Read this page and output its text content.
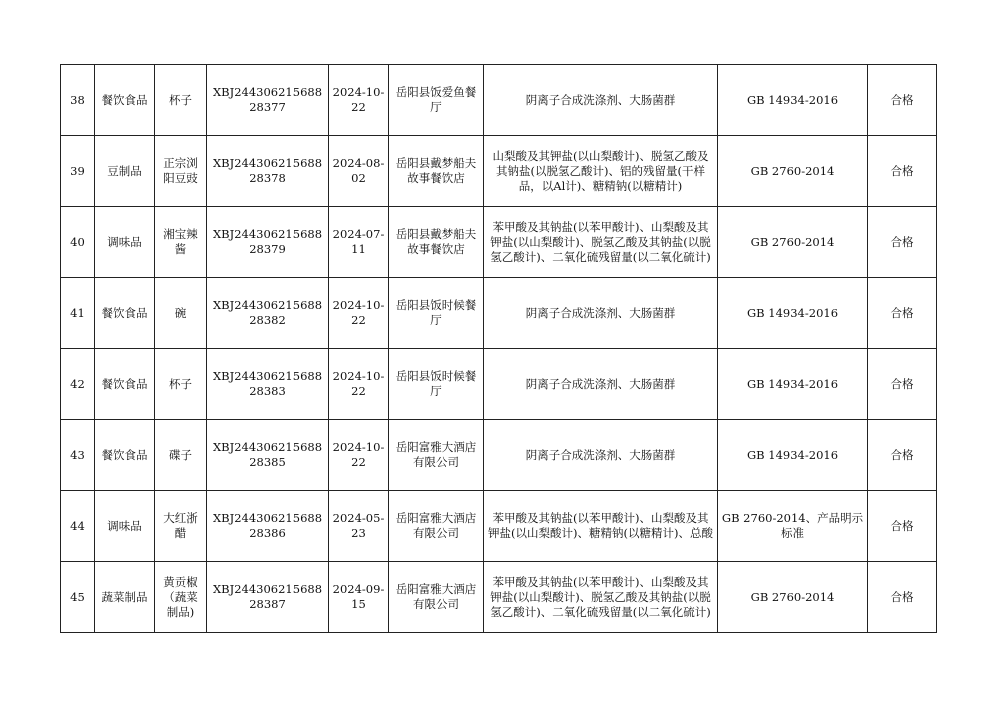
38	餐饮食品	杯子	XBJ24430621568828377	2024-10-22	岳阳县饭爱鱼餐厅	阴离子合成洗涤剂、大肠菌群	GB 14934-2016	合格
39	豆制品	正宗浏阳豆豉	XBJ24430621568828378	2024-08-02	岳阳县戴梦船夫故事餐饮店	山梨酸及其钾盐(以山梨酸计)、脱氢乙酸及其钠盐(以脱氢乙酸计)、铝的残留量(干样品，以Al计)、糖精钠(以糖精计)	GB 2760-2014	合格
40	调味品	湘宝辣酱	XBJ24430621568828379	2024-07-11	岳阳县戴梦船夫故事餐饮店	苯甲酸及其钠盐(以苯甲酸计)、山梨酸及其钾盐(以山梨酸计)、脱氢乙酸及其钠盐(以脱氢乙酸计)、二氧化硫残留量(以二氧化硫计)	GB 2760-2014	合格
41	餐饮食品	碗	XBJ24430621568828382	2024-10-22	岳阳县饭时候餐厅	阴离子合成洗涤剂、大肠菌群	GB 14934-2016	合格
42	餐饮食品	杯子	XBJ24430621568828383	2024-10-22	岳阳县饭时候餐厅	阴离子合成洗涤剂、大肠菌群	GB 14934-2016	合格
43	餐饮食品	碟子	XBJ24430621568828385	2024-10-22	岳阳富雅大酒店有限公司	阴离子合成洗涤剂、大肠菌群	GB 14934-2016	合格
44	调味品	大红浙醋	XBJ24430621568828386	2024-05-23	岳阳富雅大酒店有限公司	苯甲酸及其钠盐(以苯甲酸计)、山梨酸及其钾盐(以山梨酸计)、糖精钠(以糖精计)、总酸	GB 2760-2014、产品明示标准	合格
45	蔬菜制品	黄贡椒（蔬菜制品)	XBJ24430621568828387	2024-09-15	岳阳富雅大酒店有限公司	苯甲酸及其钠盐(以苯甲酸计)、山梨酸及其钾盐(以山梨酸计)、脱氢乙酸及其钠盐(以脱氢乙酸计)、二氧化硫残留量(以二氧化硫计)	GB 2760-2014	合格
